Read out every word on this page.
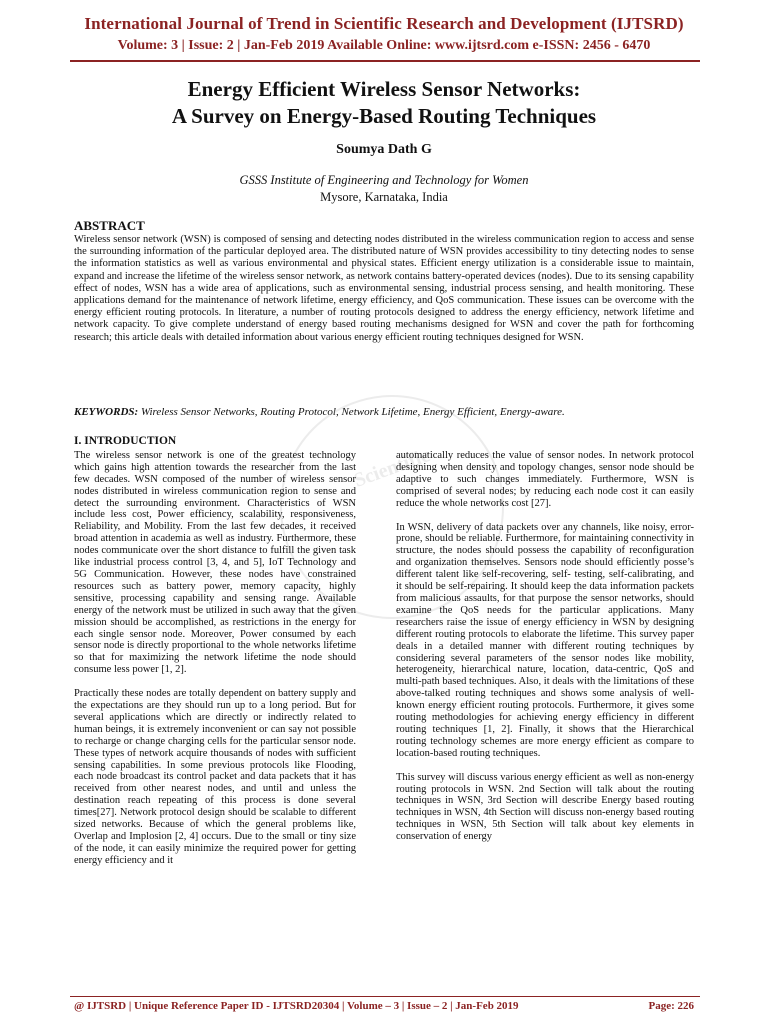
International Journal of Trend in Scientific Research and Development (IJTSRD)
Volume: 3 | Issue: 2 | Jan-Feb 2019 Available Online: www.ijtsrd.com e-ISSN: 2456 - 6470
Energy Efficient Wireless Sensor Networks:
A Survey on Energy-Based Routing Techniques
Soumya Dath G
GSSS Institute of Engineering and Technology for Women
Mysore, Karnataka, India
ABSTRACT
Wireless sensor network (WSN) is composed of sensing and detecting nodes distributed in the wireless communication region to access and sense the surrounding information of the particular deployed area. The distributed nature of WSN provides accessibility to tiny detecting nodes to sense the information statistics as well as various environmental and physical states. Efficient energy utilization is a considerable issue to maintain, expand and increase the lifetime of the wireless sensor network, as network contains battery-operated devices (nodes). Due to its sensing capability effect of nodes, WSN has a wide area of applications, such as environmental sensing, industrial process sensing, and health monitoring. These applications demand for the maintenance of network lifetime, energy efficiency, and QoS communication. These issues can be overcome with the energy efficient routing protocols. In literature, a number of routing protocols designed to address the energy efficiency, network lifetime and network capacity. To give complete understand of energy based routing mechanisms designed for WSN and cover the path for forthcoming research; this article deals with detailed information about various energy efficient routing techniques designed for WSN.
KEYWORDS: Wireless Sensor Networks, Routing Protocol, Network Lifetime, Energy Efficient, Energy-aware.
Scientific
I. INTRODUCTION

The wireless sensor network is one of the greatest technology which gains high attention towards the researcher from the last few decades. WSN composed of the number of wireless sensor nodes distributed in wireless communication region to sense and detect the surrounding environment. Characteristics of WSN include less cost, Power efficiency, scalability, responsiveness, Reliability, and Mobility. From the last few decades, it received broad attention in academia as well as industry. Furthermore, these nodes communicate over the short distance to fulfill the given task like industrial process control [3, 4, and 5], IoT Technology and 5G Communication. However, these nodes have constrained resources such as battery power, memory capacity, highly sensitive, processing capability and sensing range. Available energy of the network must be utilized in such away that the given mission should be accomplished, as restrictions in the energy for each single sensor node. Moreover, Power consumed by each sensor node is directly proportional to the whole networks lifetime so that for maximizing the network lifetime the node should consume less power [1, 2].

Practically these nodes are totally dependent on battery supply and the expectations are they should run up to a long period. But for several applications which are directly or indirectly related to human beings, it is extremely inconvenient or can say not possible to recharge or change charging cells for the particular sensor node. These types of network acquire thousands of nodes with sufficient sensing capabilities. In some previous protocols like Flooding, each node broadcast its control packet and data packets that it has received from other nearest nodes, and until and unless the destination reach repeating of this process is done several times[27]. Network protocol design should be scalable to different sized networks. Because of which the general problems like, Overlap and Implosion [2, 4] occurs. Due to the small or tiny size of the node, it can easily minimize the required power for getting energy efficiency and it

automatically reduces the value of sensor nodes. In network protocol designing when density and topology changes, sensor node should be adaptive to such changes immediately. Furthermore, WSN is comprised of several nodes; by reducing each node cost it can easily reduce the whole networks cost [27].

In WSN, delivery of data packets over any channels, like noisy, error-prone, should be reliable. Furthermore, for maintaining connectivity in structure, the nodes should possess the capability of reconfiguration and organization themselves. Sensors node should efficiently posse’s different talent like self-recovering, self- testing, self-calibrating, and it should be self-repairing. It should keep the data information packets from malicious assaults, for that purpose the sensor networks, should examine the QoS needs for the particular applications. Many researchers raise the issue of energy efficiency in WSN by designing different routing protocols to elaborate the lifetime. This survey paper deals in a detailed manner with different routing techniques by considering several parameters of the sensor nodes like mobility, heterogeneity, hierarchical nature, location, data-centric, QoS and multi-path based techniques. Also, it deals with the limitations of these above-talked routing techniques and shows some analysis of well-known energy efficient routing protocols. Furthermore, it gives some routing methodologies for achieving energy efficiency in different routing techniques [1, 2]. Finally, it shows that the Hierarchical routing technology schemes are more energy efficient as compare to location-based routing techniques.

This survey will discuss various energy efficient as well as non-energy routing protocols in WSN. 2nd Section will talk about the routing techniques in WSN, 3rd Section will describe Energy based routing techniques in WSN, 4th Section will discuss non-energy based routing techniques in WSN, 5th Section will talk about key elements in conservation of energy

@ IJTSRD | Unique Reference Paper ID - IJTSRD20304 | Volume – 3 | Issue – 2 | Jan-Feb 2019	Page: 226
